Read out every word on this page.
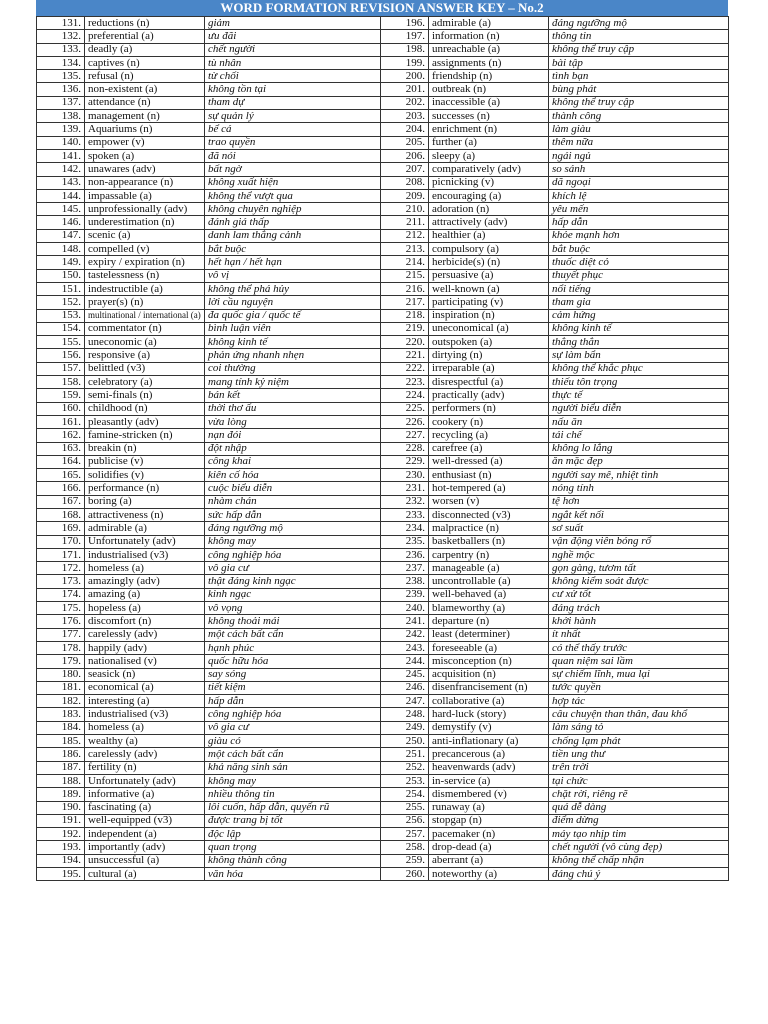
WORD FORMATION REVISION ANSWER KEY – No.2
131.	reductions (n)	giảm	196.	admirable (a)	đáng ngưỡng mộ
132.	preferential (a)	ưu đãi	197.	information (n)	thông tin
133.	deadly (a)	chết người	198.	unreachable (a)	không thể truy cập
134.	captives (n)	tù nhân	199.	assignments (n)	bài tập
135.	refusal (n)	từ chối	200.	friendship (n)	tình bạn
136.	non-existent (a)	không tồn tại	201.	outbreak (n)	bùng phát
137.	attendance (n)	tham dự	202.	inaccessible (a)	không thể truy cập
138.	management (n)	sự quản lý	203.	successes (n)	thành công
139.	Aquariums (n)	bể cá	204.	enrichment (n)	làm giàu
140.	empower (v)	trao quyền	205.	further (a)	thêm nữa
141.	spoken (a)	đã nói	206.	sleepy (a)	ngái ngủ
142.	unawares (adv)	bất ngờ	207.	comparatively (adv)	so sánh
143.	non-appearance (n)	không xuất hiện	208.	picnicking (v)	dã ngoại
144.	impassable (a)	không thể vượt qua	209.	encouraging (a)	khích lệ
145.	unprofessionally (adv)	không chuyên nghiệp	210.	adoration (n)	yêu mến
146.	underestimation (n)	đánh giá thấp	211.	attractively (adv)	hấp dẫn
147.	scenic (a)	danh lam thắng cảnh	212.	healthier (a)	khỏe mạnh hơn
148.	compelled (v)	bắt buộc	213.	compulsory (a)	bắt buộc
149.	expiry / expiration (n)	hết hạn / hết hạn	214.	herbicide(s) (n)	thuốc diệt cỏ
150.	tastelessness (n)	vô vị	215.	persuasive (a)	thuyết phục
151.	indestructible (a)	không thể phá hủy	216.	well-known (a)	nổi tiếng
152.	prayer(s) (n)	lời cầu nguyện	217.	participating (v)	tham gia
153.	multinational / international (a)	đa quốc gia / quốc tế	218.	inspiration (n)	cảm hứng
154.	commentator (n)	bình luận viên	219.	uneconomical (a)	không kinh tế
155.	uneconomic (a)	không kinh tế	220.	outspoken (a)	thẳng thắn
156.	responsive (a)	phản ứng nhanh nhẹn	221.	dirtying (n)	sự làm bẩn
157.	belittled (v3)	coi thường	222.	irreparable (a)	không thể khắc phục
158.	celebratory (a)	mang tính kỷ niệm	223.	disrespectful (a)	thiếu tôn trọng
159.	semi-finals (n)	bán kết	224.	practically (adv)	thực tế
160.	childhood (n)	thời thơ ấu	225.	performers (n)	người biểu diễn
161.	pleasantly (adv)	vừa lòng	226.	cookery (n)	nấu ăn
162.	famine-stricken (n)	nạn đói	227.	recycling (a)	tái chế
163.	breakin (n)	đột nhập	228.	carefree (a)	không lo lắng
164.	publicise (v)	công khai	229.	well-dressed (a)	ăn mặc đẹp
165.	solidifies (v)	kiên cố hóa	230.	enthusiast (n)	người say mê, nhiệt tình
166.	performance (n)	cuộc biểu diễn	231.	hot-tempered (a)	nóng tính
167.	boring (a)	nhàm chán	232.	worsen (v)	tệ hơn
168.	attractiveness (n)	sức hấp dẫn	233.	disconnected (v3)	ngắt kết nối
169.	admirable (a)	đáng ngưỡng mộ	234.	malpractice (n)	sơ suất
170.	Unfortunately (adv)	không may	235.	basketballers (n)	vận động viên bóng rổ
171.	industrialised (v3)	công nghiệp hóa	236.	carpentry (n)	nghề mộc
172.	homeless (a)	vô gia cư	237.	manageable (a)	gọn gàng, tươm tất
173.	amazingly (adv)	thật đáng kinh ngạc	238.	uncontrollable (a)	không kiểm soát được
174.	amazing (a)	kinh ngạc	239.	well-behaved (a)	cư xử tốt
175.	hopeless (a)	vô vọng	240.	blameworthy (a)	đáng trách
176.	discomfort (n)	không thoải mái	241.	departure (n)	khởi hành
177.	carelessly (adv)	một cách bất cẩn	242.	least (determiner)	ít nhất
178.	happily (adv)	hạnh phúc	243.	foreseeable (a)	có thể thấy trước
179.	nationalised (v)	quốc hữu hóa	244.	misconception (n)	quan niệm sai lầm
180.	seasick (n)	say sóng	245.	acquisition (n)	sự chiếm lĩnh, mua lại
181.	economical (a)	tiết kiệm	246.	disenfrancisement (n)	tước quyền
182.	interesting (a)	hấp dẫn	247.	collaborative (a)	hợp tác
183.	industrialised (v3)	công nghiệp hóa	248.	hard-luck (story)	câu chuyện than thân, đau khổ
184.	homeless (a)	vô gia cư	249.	demystify (v)	làm sáng tỏ
185.	wealthy (a)	giàu có	250.	anti-inflationary (a)	chống lạm phát
186.	carelessly (adv)	một cách bất cẩn	251.	precancerous (a)	tiền ung thư
187.	fertility (n)	khả năng sinh sản	252.	heavenwards (adv)	trên trời
188.	Unfortunately (adv)	không may	253.	in-service (a)	tại chức
189.	informative (a)	nhiều thông tin	254.	dismembered (v)	chặt rời, riêng rẽ
190.	fascinating (a)	lôi cuốn, hấp dẫn, quyến rũ	255.	runaway (a)	quá dễ dàng
191.	well-equipped (v3)	được trang bị tốt	256.	stopgap (n)	điểm dừng
192.	independent (a)	độc lập	257.	pacemaker (n)	máy tạo nhịp tim
193.	importantly (adv)	quan trọng	258.	drop-dead (a)	chết người (vô cùng đẹp)
194.	unsuccessful (a)	không thành công	259.	aberrant (a)	không thể chấp nhận
195.	cultural (a)	văn hóa	260.	noteworthy (a)	đáng chú ý
